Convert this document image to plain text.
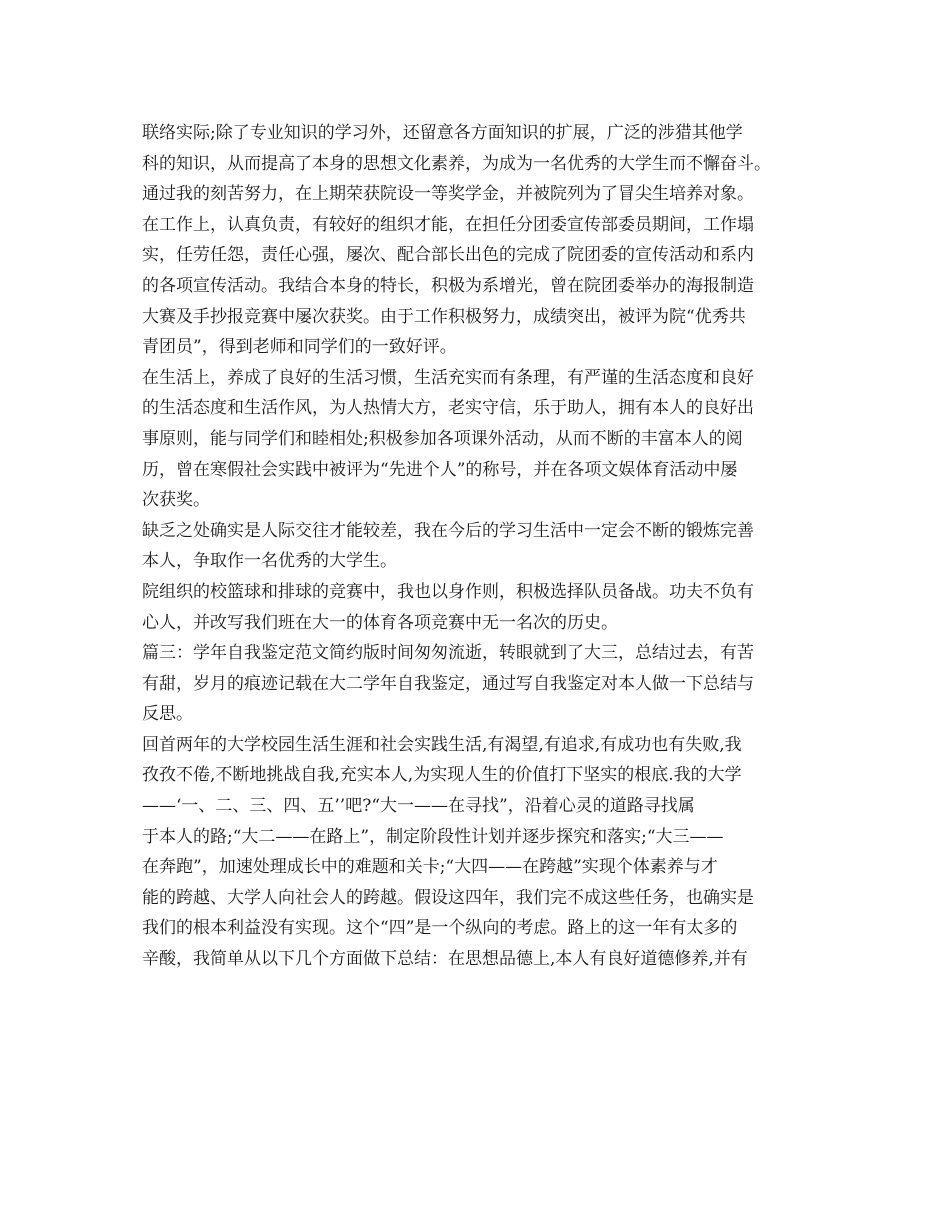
联络实际;除了专业知识的学习外，还留意各方面知识的扩展，广泛的涉猎其他学
科的知识，从而提高了本身的思想文化素养，为成为一名优秀的大学生而不懈奋斗。
通过我的刻苦努力，在上期荣获院设一等奖学金，并被院列为了冒尖生培养对象。
在工作上，认真负责，有较好的组织才能，在担任分团委宣传部委员期间，工作塌
实，任劳任怨，责任心强，屡次、配合部长出色的完成了院团委的宣传活动和系内
的各项宣传活动。我结合本身的特长，积极为系增光，曾在院团委举办的海报制造
大赛及手抄报竞赛中屡次获奖。由于工作积极努力，成绩突出，被评为院“优秀共
青团员”，得到老师和同学们的一致好评。
在生活上，养成了良好的生活习惯，生活充实而有条理，有严谨的生活态度和良好
的生活态度和生活作风，为人热情大方，老实守信，乐于助人，拥有本人的良好出
事原则，能与同学们和睦相处;积极参加各项课外活动，从而不断的丰富本人的阅
历，曾在寒假社会实践中被评为“先进个人”的称号，并在各项文娱体育活动中屡
次获奖。
缺乏之处确实是人际交往才能较差，我在今后的学习生活中一定会不断的锻炼完善
本人，争取作一名优秀的大学生。
院组织的校篮球和排球的竞赛中，我也以身作则，积极选择队员备战。功夫不负有
心人，并改写我们班在大一的体育各项竞赛中无一名次的历史。
篇三：学年自我鉴定范文简约版时间匆匆流逝，转眼就到了大三，总结过去，有苦
有甜，岁月的痕迹记载在大二学年自我鉴定，通过写自我鉴定对本人做一下总结与
反思。
回首两年的大学校园生活生涯和社会实践生活,有渴望,有追求,有成功也有失败,我
孜孜不倦,不断地挑战自我,充实本人,为实现人生的价值打下坚实的根底.我的大学
——‘一、二、三、四、五’’吧?“大一——在寻找”，沿着心灵的道路寻找属
于本人的路;“大二——在路上”，制定阶段性计划并逐步探究和落实;“大三——
在奔跑”，加速处理成长中的难题和关卡;“大四——在跨越”实现个体素养与才
能的跨越、大学人向社会人的跨越。假设这四年，我们完不成这些任务，也确实是
我们的根本利益没有实现。这个“四”是一个纵向的考虑。路上的这一年有太多的
辛酸，我简单从以下几个方面做下总结：在思想品德上,本人有良好道德修养,并有
